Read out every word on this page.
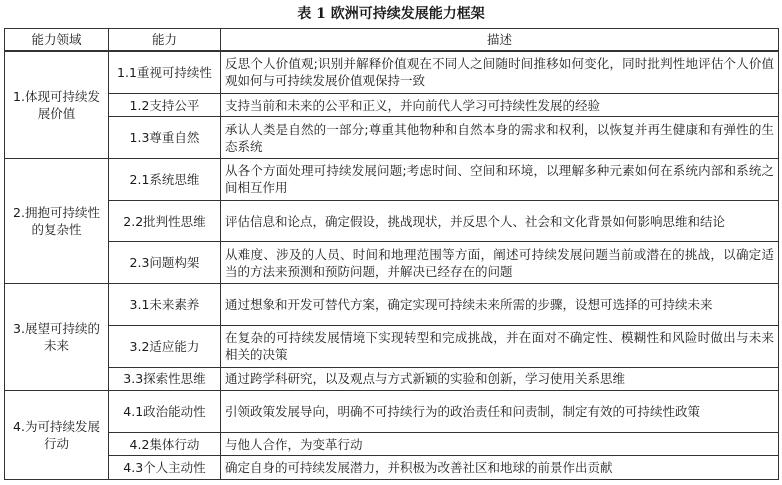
表 1 欧洲可持续发展能力框架
能力领域	能力	描述
1.体现可持续发展价值	1.1重视可持续性	反思个人价值观;识别并解释价值观在不同人之间随时间推移如何变化，同时批判性地评估个人价值观如何与可持续发展价值观保持一致
	1.2支持公平	支持当前和未来的公平和正义，并向前代人学习可持续性发展的经验
	1.3尊重自然	承认人类是自然的一部分;尊重其他物种和自然本身的需求和权利，以恢复并再生健康和有弹性的生态系统
2.拥抱可持续性的复杂性	2.1系统思维	从各个方面处理可持续发展问题;考虑时间、空间和环境，以理解多种元素如何在系统内部和系统之间相互作用
	2.2批判性思维	评估信息和论点，确定假设，挑战现状，并反思个人、社会和文化背景如何影响思维和结论
	2.3问题构架	从难度、涉及的人员、时间和地理范围等方面，阐述可持续发展问题当前或潜在的挑战，以确定适当的方法来预测和预防问题，并解决已经存在的问题
3.展望可持续的未来	3.1未来素养	通过想象和开发可替代方案，确定实现可持续未来所需的步骤，设想可选择的可持续未来
	3.2适应能力	在复杂的可持续发展情境下实现转型和完成挑战，并在面对不确定性、模糊性和风险时做出与未来相关的决策
	3.3探索性思维	通过跨学科研究，以及观点与方式新颖的实验和创新，学习使用关系思维
4.为可持续发展行动	4.1政治能动性	引领政策发展导向，明确不可持续行为的政治责任和问责制，制定有效的可持续性政策
	4.2集体行动	与他人合作，为变革行动
	4.3个人主动性	确定自身的可持续发展潜力，并积极为改善社区和地球的前景作出贡献
